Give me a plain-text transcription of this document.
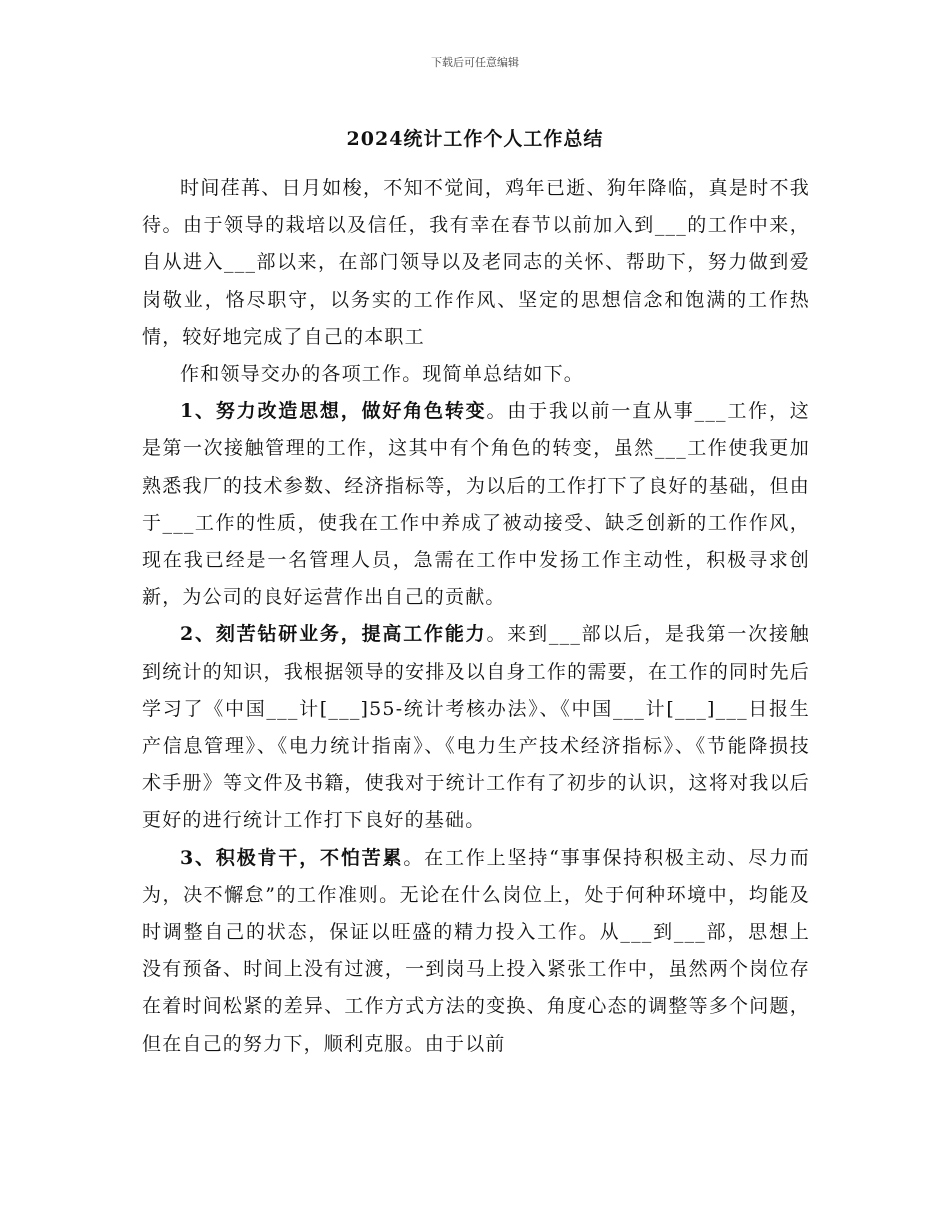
下载后可任意编辑
2024统计工作个人工作总结

时间荏苒、日月如梭，不知不觉间，鸡年已逝、狗年降临，真是时不我待。由于领导的栽培以及信任，我有幸在春节以前加入到___的工作中来，自从进入___部以来，在部门领导以及老同志的关怀、帮助下，努力做到爱岗敬业，恪尽职守，以务实的工作作风、坚定的思想信念和饱满的工作热情，较好地完成了自己的本职工

作和领导交办的各项工作。现简单总结如下。

1、努力改造思想，做好角色转变。由于我以前一直从事___工作，这是第一次接触管理的工作，这其中有个角色的转变，虽然___工作使我更加熟悉我厂的技术参数、经济指标等，为以后的工作打下了良好的基础，但由于___工作的性质，使我在工作中养成了被动接受、缺乏创新的工作作风，现在我已经是一名管理人员，急需在工作中发扬工作主动性，积极寻求创新，为公司的良好运营作出自己的贡献。

2、刻苦钻研业务，提高工作能力。来到___部以后，是我第一次接触到统计的知识，我根据领导的安排及以自身工作的需要，在工作的同时先后学习了《中国___计[___]55-统计考核办法》、《中国___计[___]___日报生产信息管理》、《电力统计指南》、《电力生产技术经济指标》、《节能降损技术手册》等文件及书籍，使我对于统计工作有了初步的认识，这将对我以后更好的进行统计工作打下良好的基础。

3、积极肯干，不怕苦累。在工作上坚持“事事保持积极主动、尽力而为，决不懈怠”的工作准则。无论在什么岗位上，处于何种环境中，均能及时调整自己的状态，保证以旺盛的精力投入工作。从___到___部，思想上没有预备、时间上没有过渡，一到岗马上投入紧张工作中，虽然两个岗位存在着时间松紧的差异、工作方式方法的变换、角度心态的调整等多个问题，但在自己的努力下，顺利克服。由于以前
